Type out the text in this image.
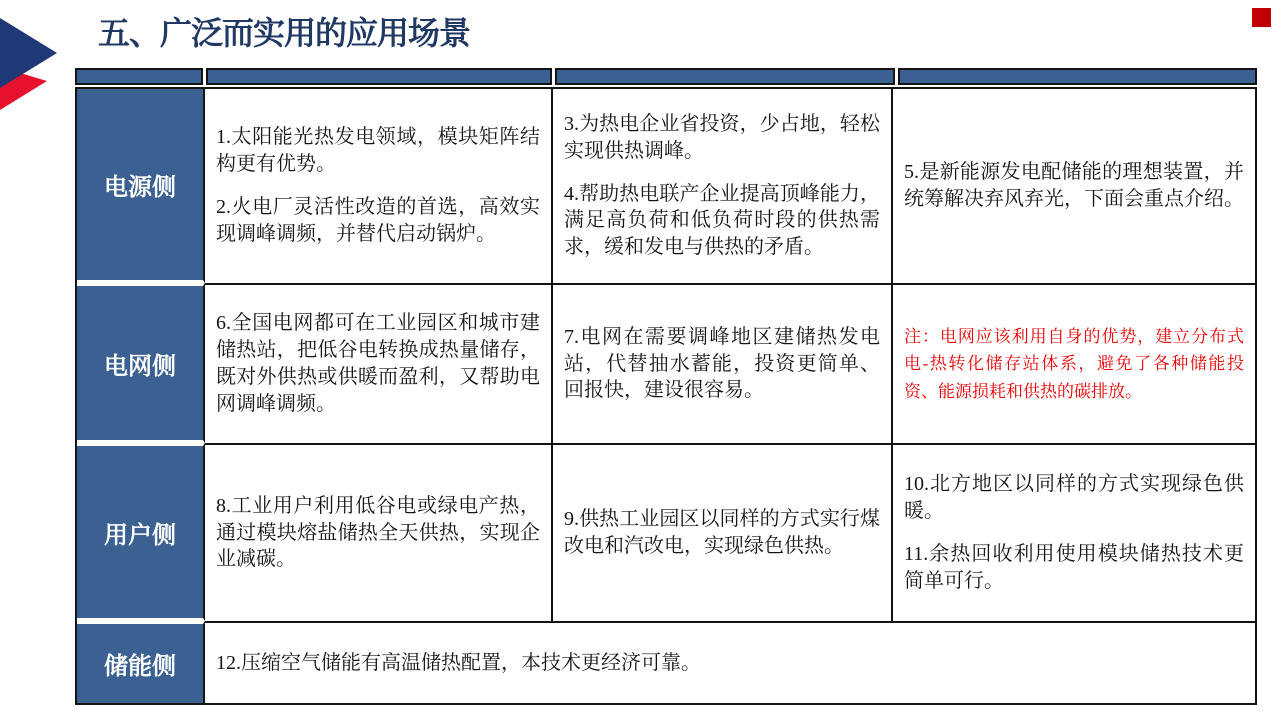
五、广泛而实用的应用场景
电源侧

1.太阳能光热发电领域，模块矩阵结构更有优势。

2.火电厂灵活性改造的首选，高效实现调峰调频，并替代启动锅炉。

3.为热电企业省投资，少占地，轻松实现供热调峰。

4.帮助热电联产企业提高顶峰能力，满足高负荷和低负荷时段的供热需求，缓和发电与供热的矛盾。

5.是新能源发电配储能的理想装置，并统筹解决弃风弃光，下面会重点介绍。

电网侧

6.全国电网都可在工业园区和城市建储热站，把低谷电转换成热量储存，既对外供热或供暖而盈利，又帮助电网调峰调频。

7.电网在需要调峰地区建储热发电站，代替抽水蓄能，投资更简单、回报快，建设很容易。

注：电网应该利用自身的优势，建立分布式电-热转化储存站体系，避免了各种储能投资、能源损耗和供热的碳排放。

用户侧

8.工业用户利用低谷电或绿电产热，通过模块熔盐储热全天供热，实现企业减碳。

9.供热工业园区以同样的方式实行煤改电和汽改电，实现绿色供热。

10.北方地区以同样的方式实现绿色供暖。

11.余热回收利用使用模块储热技术更简单可行。

储能侧	12.压缩空气储能有高温储热配置，本技术更经济可靠。
